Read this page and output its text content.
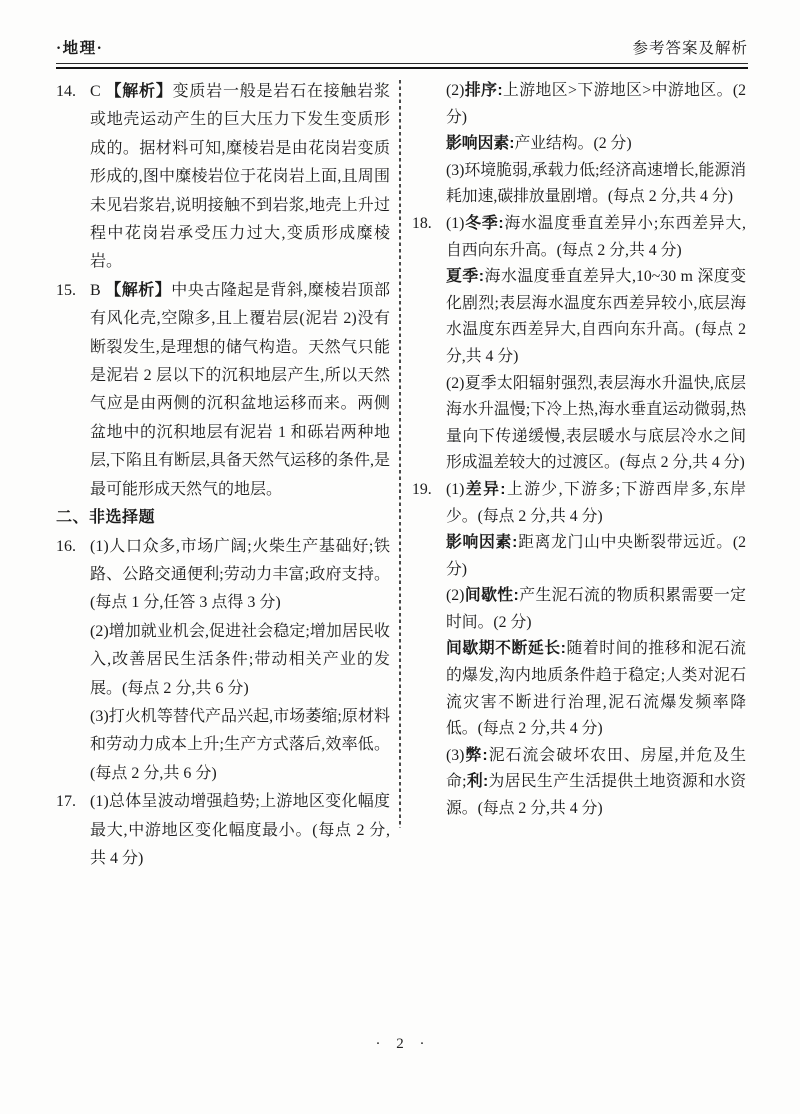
·地理·	参考答案及解析
14. C 【解析】变质岩一般是岩石在接触岩浆或地壳运动产生的巨大压力下发生变质形成的。据材料可知,糜棱岩是由花岗岩变质形成的,图中糜棱岩位于花岗岩上面,且周围未见岩浆岩,说明接触不到岩浆,地壳上升过程中花岗岩承受压力过大,变质形成糜棱岩。
15. B 【解析】中央古隆起是背斜,糜棱岩顶部有风化壳,空隙多,且上覆岩层(泥岩 2)没有断裂发生,是理想的储气构造。天然气只能是泥岩 2 层以下的沉积地层产生,所以天然气应是由两侧的沉积盆地运移而来。两侧盆地中的沉积地层有泥岩 1 和砾岩两种地层,下陷且有断层,具备天然气运移的条件,是最可能形成天然气的地层。
二、非选择题
16. (1)人口众多,市场广阔;火柴生产基础好;铁路、公路交通便利;劳动力丰富;政府支持。(每点 1 分,任答 3 点得 3 分)
(2)增加就业机会,促进社会稳定;增加居民收入,改善居民生活条件;带动相关产业的发展。(每点 2 分,共 6 分)
(3)打火机等替代产品兴起,市场萎缩;原材料和劳动力成本上升;生产方式落后,效率低。(每点 2 分,共 6 分)
17. (1)总体呈波动增强趋势;上游地区变化幅度最大,中游地区变化幅度最小。(每点 2 分,共 4 分)
(2)排序:上游地区>下游地区>中游地区。(2 分)
影响因素:产业结构。(2 分)
(3)环境脆弱,承载力低;经济高速增长,能源消耗加速,碳排放量剧增。(每点 2 分,共 4 分)
18. (1)冬季:海水温度垂直差异小;东西差异大,自西向东升高。(每点 2 分,共 4 分)
夏季:海水温度垂直差异大,10~30 m 深度变化剧烈;表层海水温度东西差异较小,底层海水温度东西差异大,自西向东升高。(每点 2 分,共 4 分)
(2)夏季太阳辐射强烈,表层海水升温快,底层海水升温慢;下冷上热,海水垂直运动微弱,热量向下传递缓慢,表层暖水与底层冷水之间形成温差较大的过渡区。(每点 2 分,共 4 分)
19. (1)差异:上游少,下游多;下游西岸多,东岸少。(每点 2 分,共 4 分)
影响因素:距离龙门山中央断裂带远近。(2 分)
(2)间歇性:产生泥石流的物质积累需要一定时间。(2 分)
间歇期不断延长:随着时间的推移和泥石流的爆发,沟内地质条件趋于稳定;人类对泥石流灾害不断进行治理,泥石流爆发频率降低。(每点 2 分,共 4 分)
(3)弊:泥石流会破坏农田、房屋,并危及生命;利:为居民生产生活提供土地资源和水资源。(每点 2 分,共 4 分)
· 2 ·
